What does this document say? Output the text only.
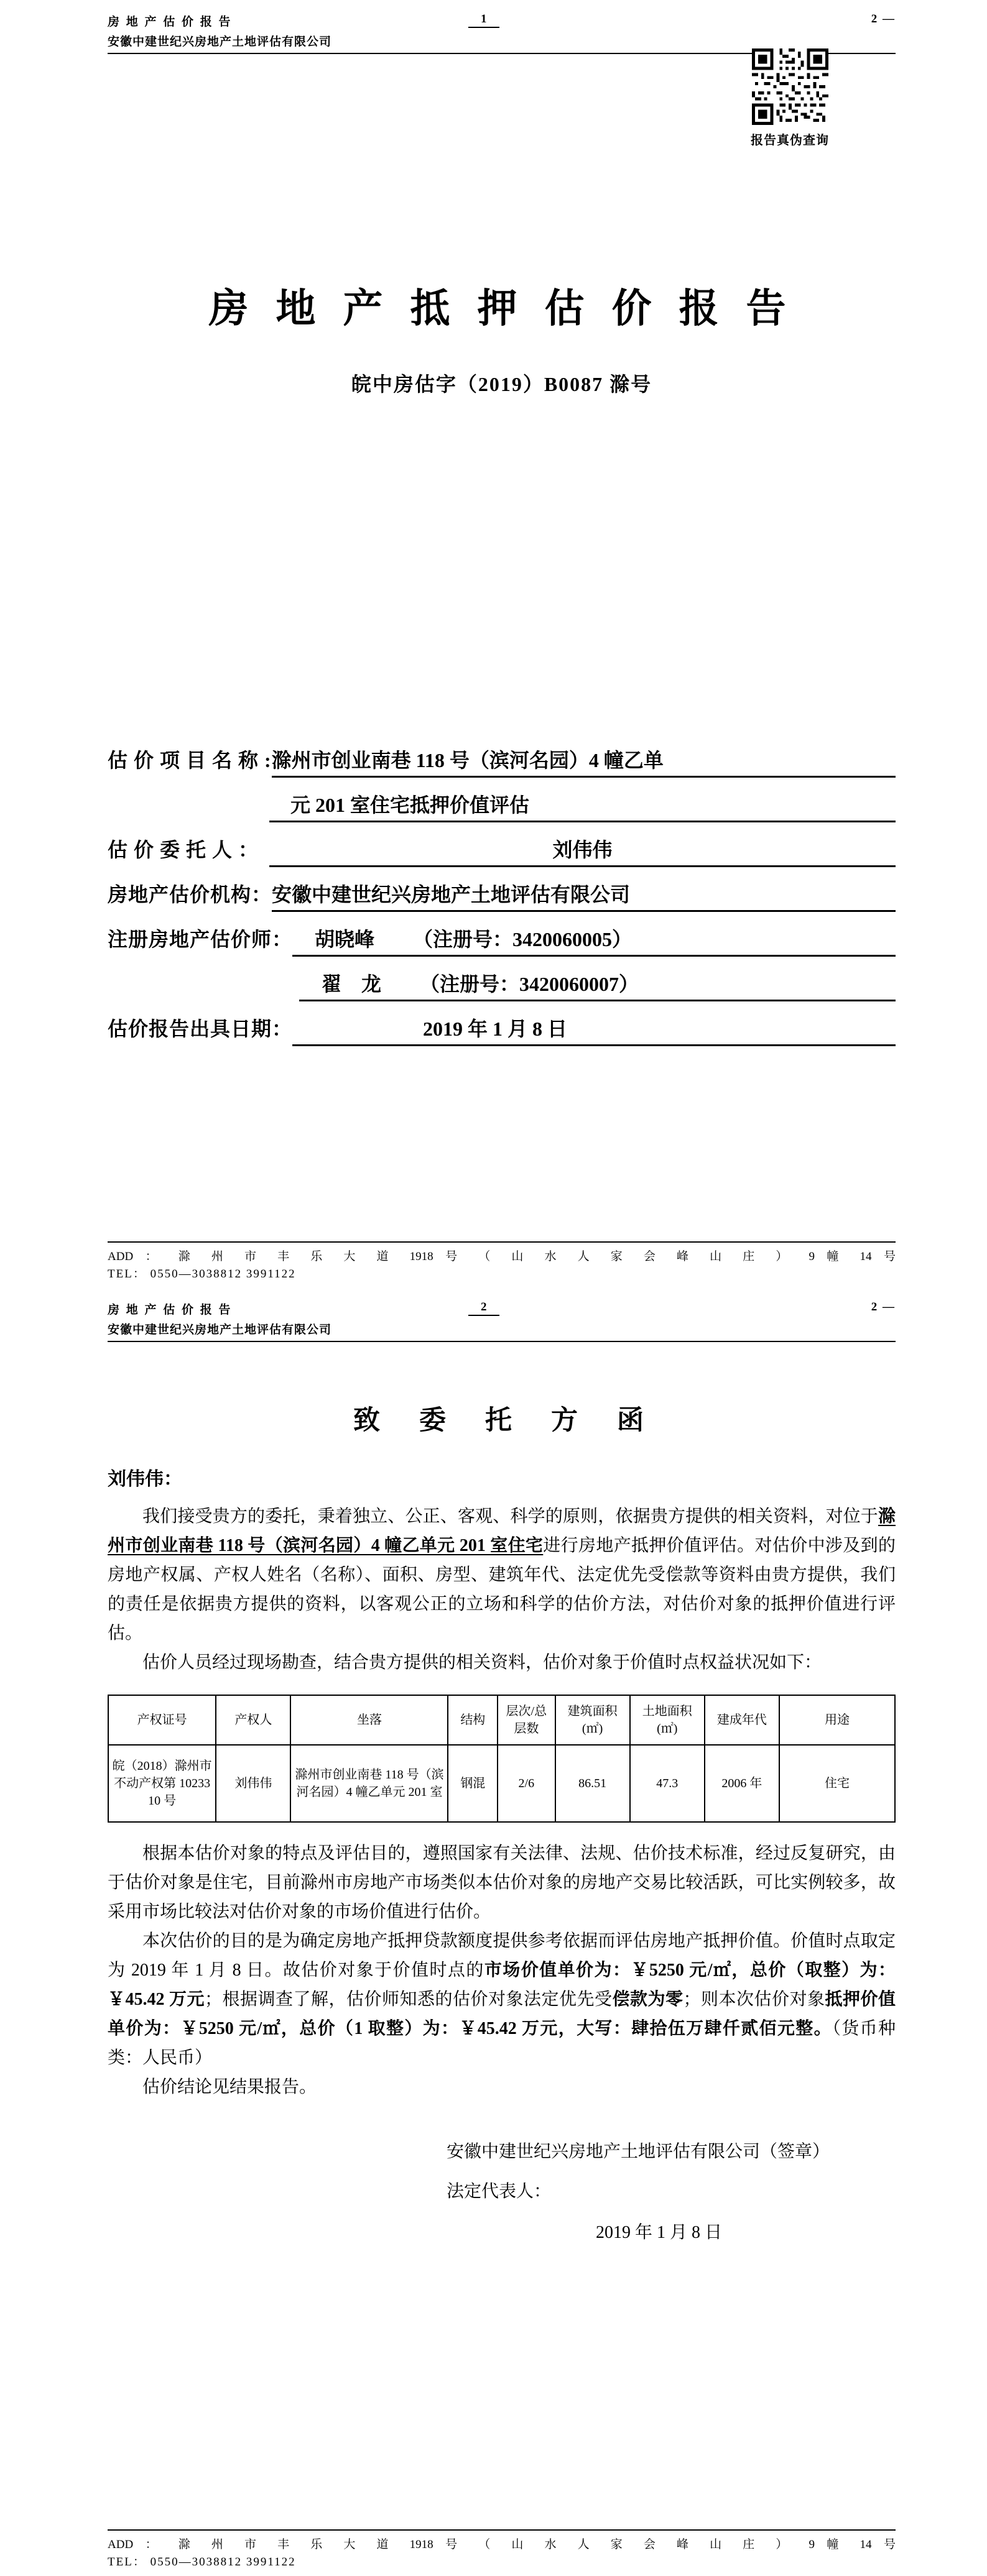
房 地 产 估 价 报 告	1	2 —
安徽中建世纪兴房地产土地评估有限公司
报告真伪查询
房 地 产 抵 押 估 价 报 告
皖中房估字（2019）B0087 滁号
估 价 项 目 名 称 : 滁州市创业南巷 118 号（滨河名园）4 幢乙单
元 201 室住宅抵押价值评估
估 价 委 托 人 ：	刘伟伟
房地产估价机构： 安徽中建世纪兴房地产土地评估有限公司
注册房地产估价师：	胡晓峰 （注册号：3420060005）
翟　龙 （注册号：3420060007）
估价报告出具日期：	2019 年 1 月 8 日
ADD ： 滁 州 市 丰 乐 大 道 1918 号 （ 山 水 人 家 会 峰 山 庄 ） 9 幢 14 号
TEL： 0550—3038812 3991122
房 地 产 估 价 报 告	2	2 —
安徽中建世纪兴房地产土地评估有限公司
致　委　托　方　函
刘伟伟：

我们接受贵方的委托，秉着独立、公正、客观、科学的原则，依据贵方提供的相关资料，对位于滁州市创业南巷 118 号（滨河名园）4 幢乙单元 201 室住宅进行房地产抵押价值评估。对估价中涉及到的房地产权属、产权人姓名（名称）、面积、房型、建筑年代、法定优先受偿款等资料由贵方提供，我们的责任是依据贵方提供的资料，以客观公正的立场和科学的估价方法，对估价对象的抵押价值进行评估。

估价人员经过现场勘查，结合贵方提供的相关资料，估价对象于价值时点权益状况如下：

产权证号	产权人	坐落	结构	层次/总层数	建筑面积(㎡)	土地面积(㎡)	建成年代	用途
皖（2018）滁州市不动产权第 1023310 号	刘伟伟	滁州市创业南巷 118 号（滨河名园）4 幢乙单元 201 室	钢混	2/6	86.51	47.3	2006 年	住宅

根据本估价对象的特点及评估目的，遵照国家有关法律、法规、估价技术标准，经过反复研究，由于估价对象是住宅，目前滁州市房地产市场类似本估价对象的房地产交易比较活跃，可比实例较多，故采用市场比较法对估价对象的市场价值进行估价。

本次估价的目的是为确定房地产抵押贷款额度提供参考依据而评估房地产抵押价值。价值时点取定为 2019 年 1 月 8 日。故估价对象于价值时点的市场价值单价为：￥5250 元/㎡，总价（取整）为：￥45.42 万元；根据调查了解，估价师知悉的估价对象法定优先受偿款为零；则本次估价对象抵押价值单价为：￥5250 元/㎡，总价（1 取整）为：￥45.42 万元，大写：肆拾伍万肆仟贰佰元整。（货币种类：人民币）

估价结论见结果报告。

安徽中建世纪兴房地产土地评估有限公司（签章）
法定代表人：
2019 年 1 月 8 日
ADD ： 滁 州 市 丰 乐 大 道 1918 号 （ 山 水 人 家 会 峰 山 庄 ） 9 幢 14 号
TEL： 0550—3038812 3991122
